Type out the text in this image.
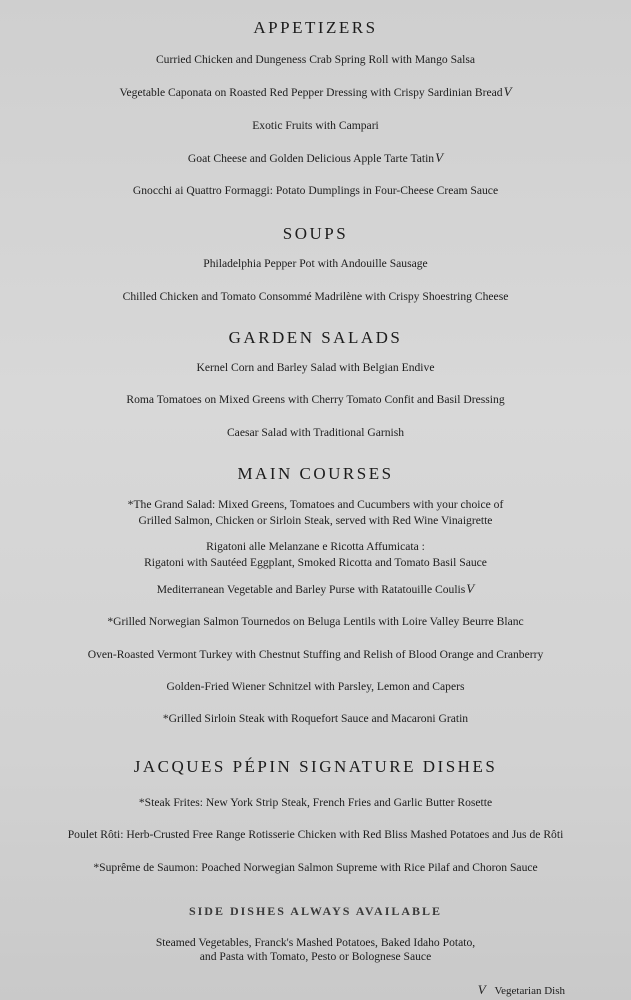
APPETIZERS
Curried Chicken and Dungeness Crab Spring Roll with Mango Salsa
Vegetable Caponata on Roasted Red Pepper Dressing with Crispy Sardinian BreadV
Exotic Fruits with Campari
Goat Cheese and Golden Delicious Apple Tarte TatinV
Gnocchi ai Quattro Formaggi: Potato Dumplings in Four-Cheese Cream Sauce
SOUPS
Philadelphia Pepper Pot with Andouille Sausage
Chilled Chicken and Tomato Consommé Madrilène with Crispy Shoestring Cheese
GARDEN SALADS
Kernel Corn and Barley Salad with Belgian Endive
Roma Tomatoes on Mixed Greens with Cherry Tomato Confit and Basil Dressing
Caesar Salad with Traditional Garnish
MAIN COURSES
*The Grand Salad: Mixed Greens, Tomatoes and Cucumbers with your choice of
Grilled Salmon, Chicken or Sirloin Steak, served with Red Wine Vinaigrette
Rigatoni alle Melanzane e Ricotta Affumicata :
Rigatoni with Sautéed Eggplant, Smoked Ricotta and Tomato Basil Sauce
Mediterranean Vegetable and Barley Purse with Ratatouille CoulisV
*Grilled Norwegian Salmon Tournedos on Beluga Lentils with Loire Valley Beurre Blanc
Oven-Roasted Vermont Turkey with Chestnut Stuffing and Relish of Blood Orange and Cranberry
Golden-Fried Wiener Schnitzel with Parsley, Lemon and Capers
*Grilled Sirloin Steak with Roquefort Sauce and Macaroni Gratin
JACQUES PÉPIN SIGNATURE DISHES
*Steak Frites: New York Strip Steak, French Fries and Garlic Butter Rosette
Poulet Rôti: Herb-Crusted Free Range Rotisserie Chicken with Red Bliss Mashed Potatoes and Jus de Rôti
*Suprême de Saumon: Poached Norwegian Salmon Supreme with Rice Pilaf and Choron Sauce
SIDE DISHES ALWAYS AVAILABLE
Steamed Vegetables, Franck's Mashed Potatoes, Baked Idaho Potato,
and Pasta with Tomato, Pesto or Bolognese Sauce
V Vegetarian Dish
